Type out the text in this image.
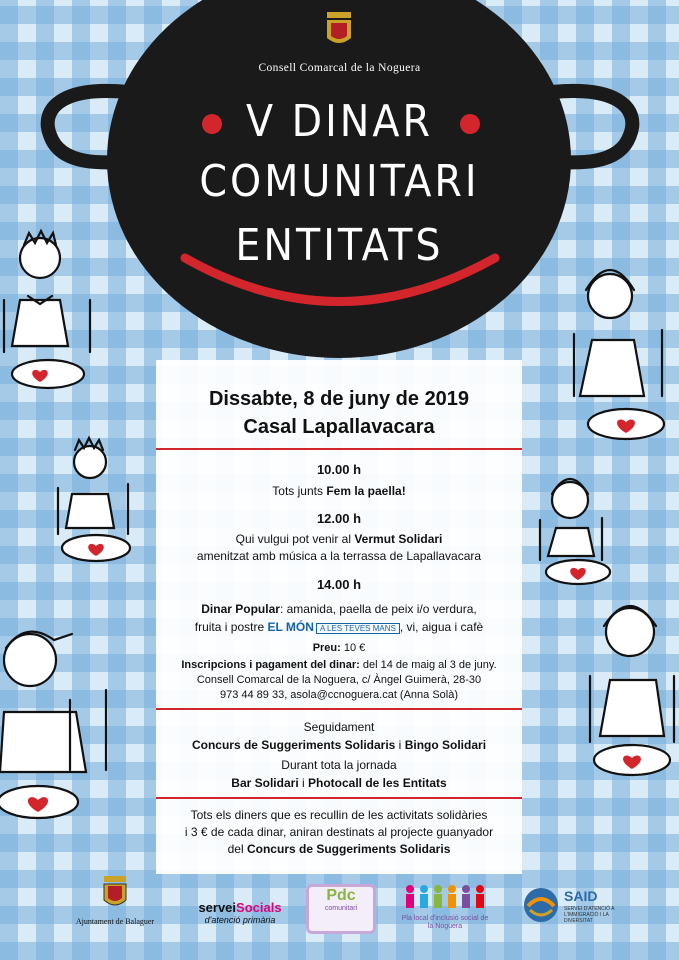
Consell Comarcal de la Noguera
V DINAR
COMUNITARI
ENTITATS
Dissabte, 8 de juny de 2019
Casal Lapallavacara
10.00 h
Tots junts Fem la paella!
12.00 h
Qui vulgui pot venir al Vermut Solidari
amenitzat amb música a la terrassa de Lapallavacara
14.00 h
Dinar Popular: amanida, paella de peix i/o verdura,
fruita i postre EL MÓN A LES TEVES MANS , vi, aigua i cafè
Preu: 10 €
Inscripcions i pagament del dinar: del 14 de maig al 3 de juny.
Consell Comarcal de la Noguera, c/ Àngel Guimerà, 28-30
973 44 89 33, asola@ccnoguera.cat (Anna Solà)
Seguidament
Concurs de Suggeriments Solidaris i Bingo Solidari
Durant tota la jornada
Bar Solidari i Photocall de les Entitats
Tots els diners que es recullin de les activitats solidàries
i 3 € de cada dinar, aniran destinats al projecte guanyador
del Concurs de Suggeriments Solidaris
Ajuntament de Balaguer
serveiSocials
d'atenció primària
Pdc
comunitari
Pla local d'inclusió social de la Noguera
SAID
SERVEI D'ATENCIÓ A L'IMMIGRACIÓ I LA DIVERSITAT
